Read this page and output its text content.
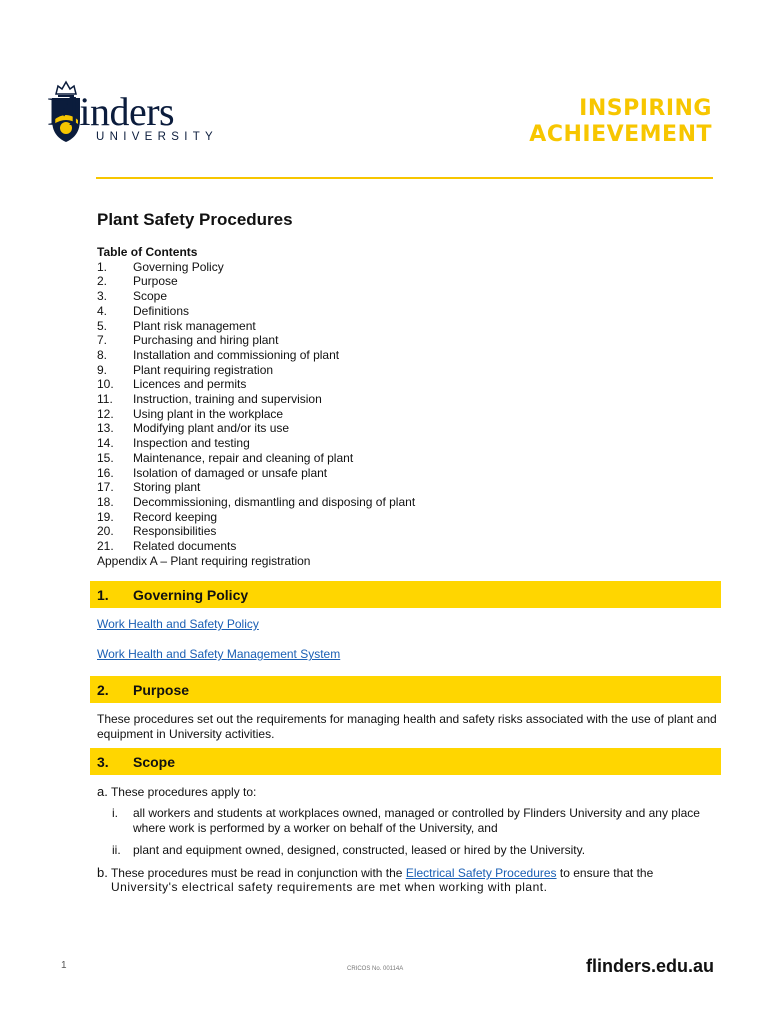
Flinders
UNIVERSITY
INSPIRING
ACHIEVEMENT
Plant Safety Procedures
Table of Contents
1.	Governing Policy
2.	Purpose
3.	Scope
4.	Definitions
5.	Plant risk management
7.	Purchasing and hiring plant
8.	Installation and commissioning of plant
9.	Plant requiring registration
10.	Licences and permits
11.	Instruction, training and supervision
12.	Using plant in the workplace
13.	Modifying plant and/or its use
14.	Inspection and testing
15.	Maintenance, repair and cleaning of plant
16.	Isolation of damaged or unsafe plant
17.	Storing plant
18.	Decommissioning, dismantling and disposing of plant
19.	Record keeping
20.	Responsibilities
21.	Related documents
Appendix A – Plant requiring registration
1.	Governing Policy
Work Health and Safety Policy
Work Health and Safety Management System
2.	Purpose
These procedures set out the requirements for managing health and safety risks associated with the use of plant and equipment in University activities.
3.	Scope
a. These procedures apply to:
i. all workers and students at workplaces owned, managed or controlled by Flinders University and any place where work is performed by a worker on behalf of the University, and
ii. plant and equipment owned, designed, constructed, leased or hired by the University.
b. These procedures must be read in conjunction with the Electrical Safety Procedures to ensure that the
University's electrical safety requirements are met when working with plant.
1	CRICOS No. 00114A	flinders.edu.au
